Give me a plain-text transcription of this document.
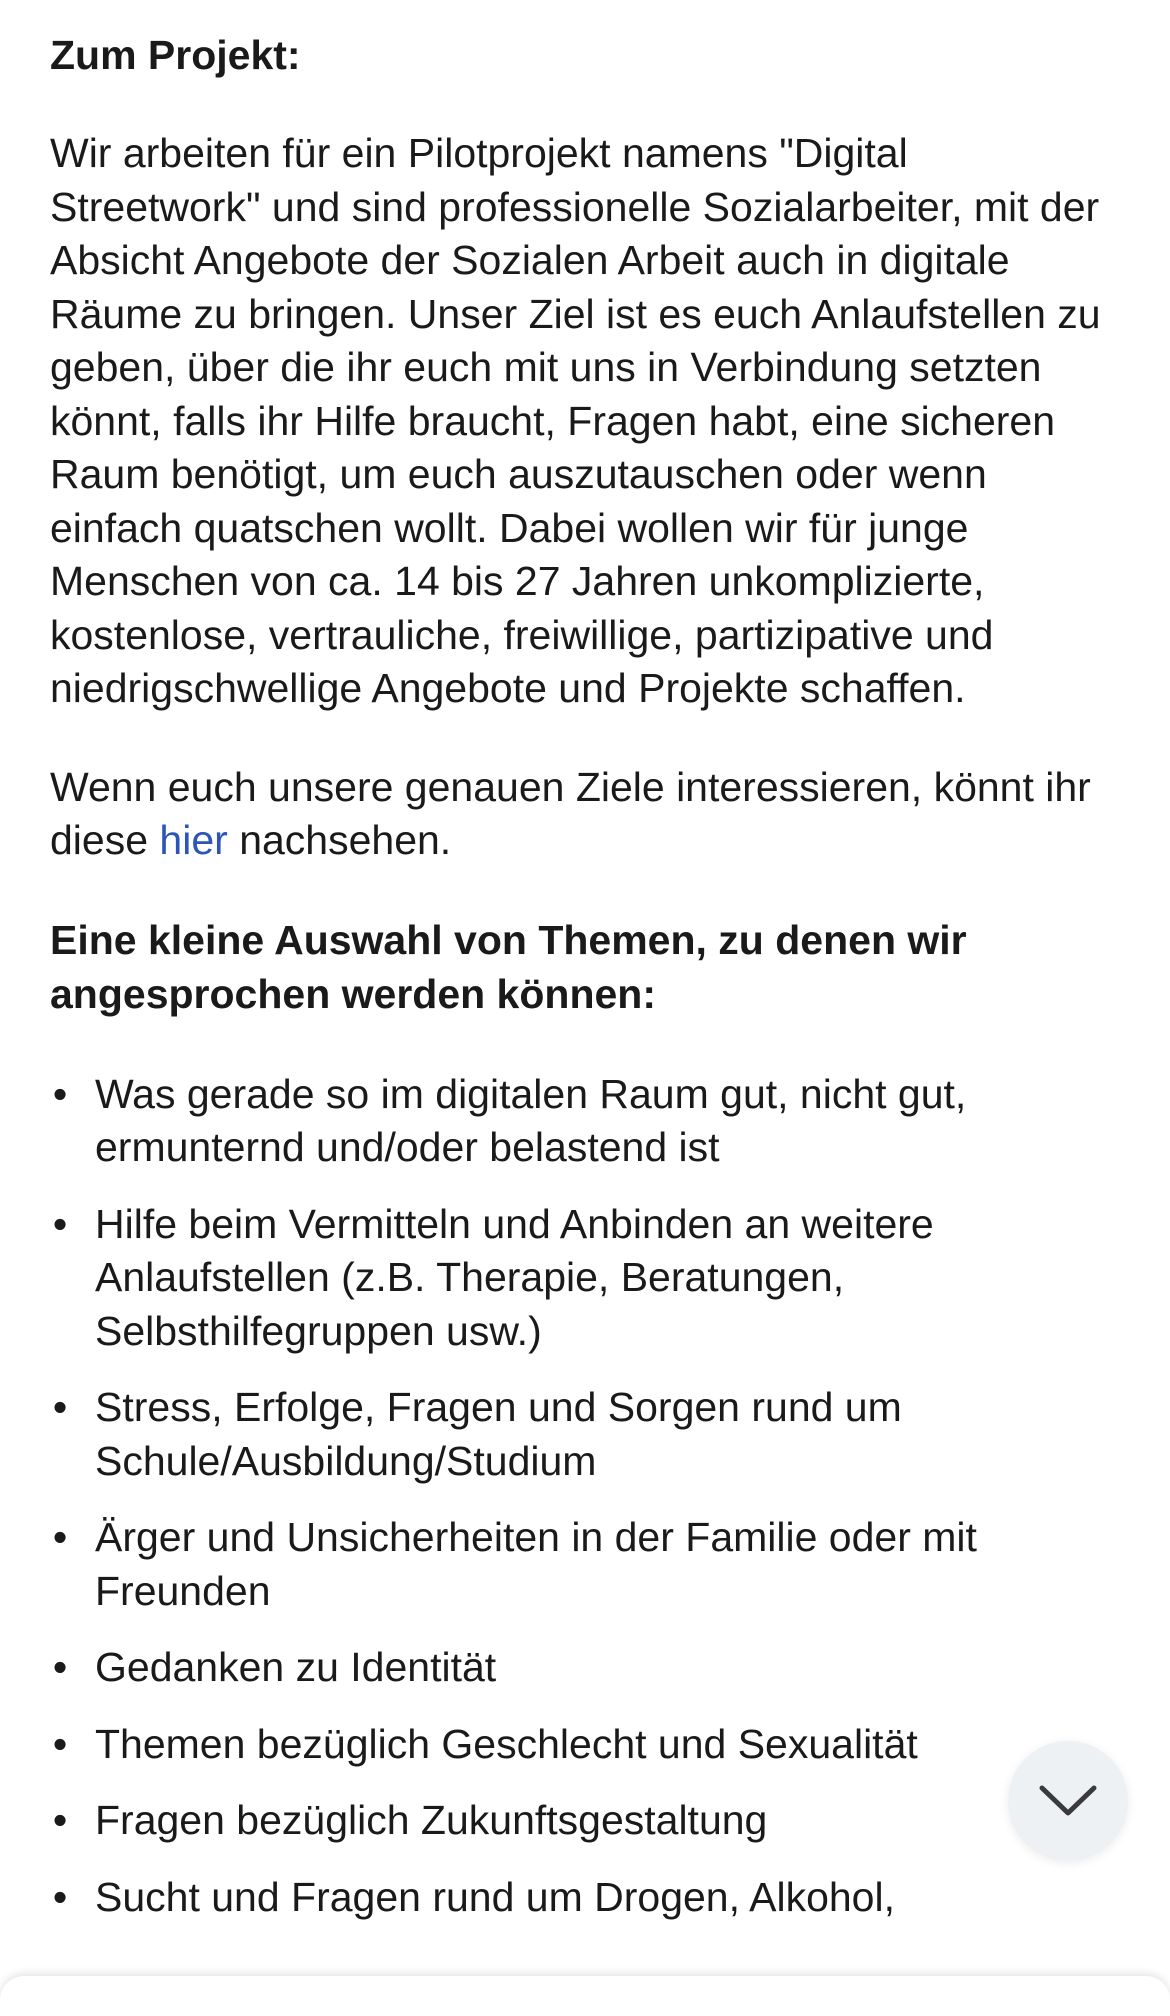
Zum Projekt:

Wir arbeiten für ein Pilotprojekt namens "Digital Streetwork" und sind professionelle Sozialarbeiter, mit der Absicht Angebote der Sozialen Arbeit auch in digitale Räume zu bringen. Unser Ziel ist es euch Anlaufstellen zu geben, über die ihr euch mit uns in Verbindung setzten könnt, falls ihr Hilfe braucht, Fragen habt, eine sicheren Raum benötigt, um euch auszutauschen oder wenn einfach quatschen wollt. Dabei wollen wir für junge Menschen von ca. 14 bis 27 Jahren unkomplizierte, kostenlose, vertrauliche, freiwillige, partizipative und niedrigschwellige Angebote und Projekte schaffen.

Wenn euch unsere genauen Ziele interessieren, könnt ihr diese hier nachsehen.

Eine kleine Auswahl von Themen, zu denen wir angesprochen werden können:

• Was gerade so im digitalen Raum gut, nicht gut, ermunternd und/oder belastend ist
• Hilfe beim Vermitteln und Anbinden an weitere Anlaufstellen (z.B. Therapie, Beratungen, Selbsthilfegruppen usw.)
• Stress, Erfolge, Fragen und Sorgen rund um Schule/Ausbildung/Studium
• Ärger und Unsicherheiten in der Familie oder mit Freunden
• Gedanken zu Identität
• Themen bezüglich Geschlecht und Sexualität
• Fragen bezüglich Zukunftsgestaltung
• Sucht und Fragen rund um Drogen, Alkohol,
